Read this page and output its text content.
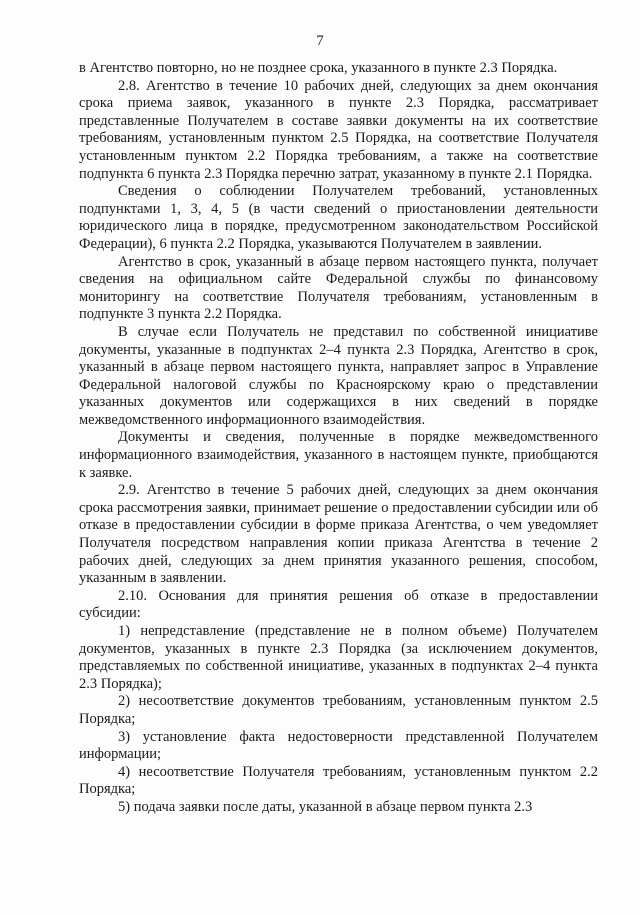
7

в Агентство повторно, но не позднее срока, указанного в пункте 2.3 Порядка.

2.8. Агентство в течение 10 рабочих дней, следующих за днем окончания срока приема заявок, указанного в пункте 2.3 Порядка, рассматривает представленные Получателем в составе заявки документы на их соответствие требованиям, установленным пунктом 2.5 Порядка, на соответствие Получателя установленным пунктом 2.2 Порядка требованиям, а также на соответствие подпункта 6 пункта 2.3 Порядка перечню затрат, указанному в пункте 2.1 Порядка.

Сведения о соблюдении Получателем требований, установленных подпунктами 1, 3, 4, 5 (в части сведений о приостановлении деятельности юридического лица в порядке, предусмотренном законодательством Российской Федерации), 6 пункта 2.2 Порядка, указываются Получателем в заявлении.

Агентство в срок, указанный в абзаце первом настоящего пункта, получает сведения на официальном сайте Федеральной службы по финансовому мониторингу на соответствие Получателя требованиям, установленным в подпункте 3 пункта 2.2 Порядка.

В случае если Получатель не представил по собственной инициативе документы, указанные в подпунктах 2–4 пункта 2.3 Порядка, Агентство в срок, указанный в абзаце первом настоящего пункта, направляет запрос в Управление Федеральной налоговой службы по Красноярскому краю о представлении указанных документов или содержащихся в них сведений в порядке межведомственного информационного взаимодействия.

Документы и сведения, полученные в порядке межведомственного информационного взаимодействия, указанного в настоящем пункте, приобщаются к заявке.

2.9. Агентство в течение 5 рабочих дней, следующих за днем окончания срока рассмотрения заявки, принимает решение о предоставлении субсидии или об отказе в предоставлении субсидии в форме приказа Агентства, о чем уведомляет Получателя посредством направления копии приказа Агентства в течение 2 рабочих дней, следующих за днем принятия указанного решения, способом, указанным в заявлении.

2.10. Основания для принятия решения об отказе в предоставлении субсидии:

1) непредставление (представление не в полном объеме) Получателем документов, указанных в пункте 2.3 Порядка (за исключением документов, представляемых по собственной инициативе, указанных в подпунктах 2–4 пункта 2.3 Порядка);

2) несоответствие документов требованиям, установленным пунктом 2.5 Порядка;

3) установление факта недостоверности представленной Получателем информации;

4) несоответствие Получателя требованиям, установленным пунктом 2.2 Порядка;

5) подача заявки после даты, указанной в абзаце первом пункта 2.3
